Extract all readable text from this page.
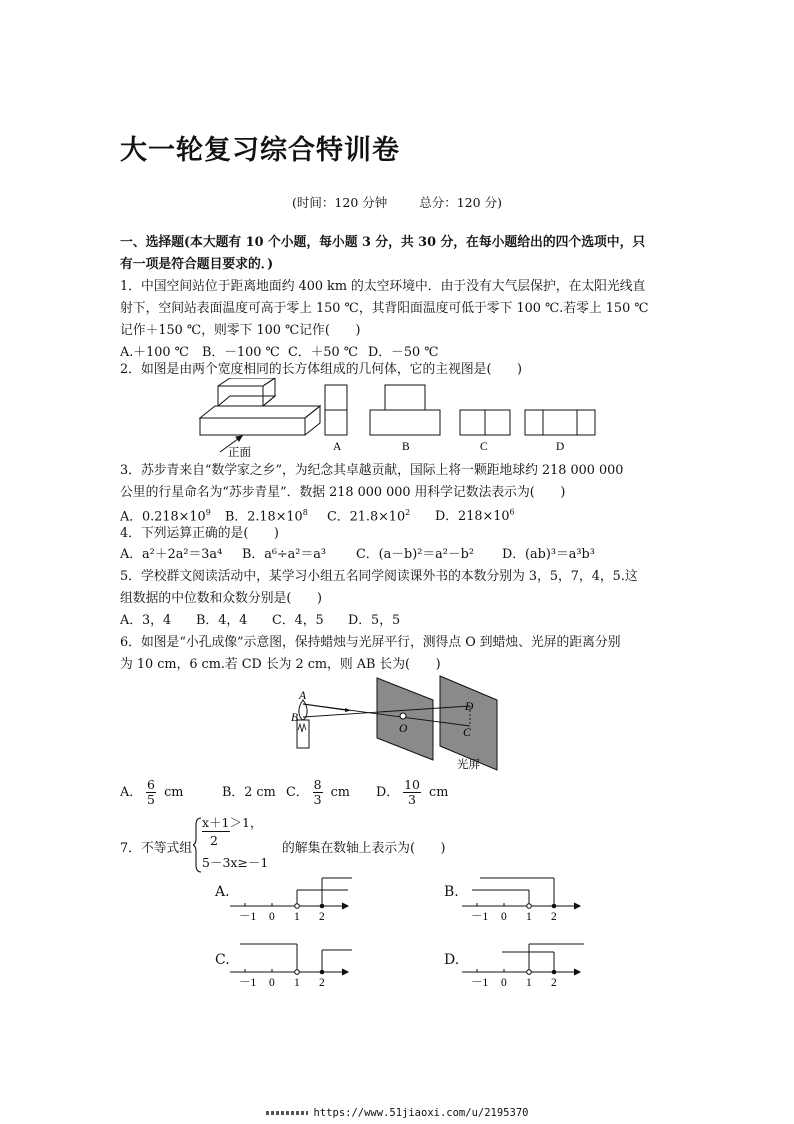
大一轮复习综合特训卷
(时间：120 分钟	总分：120 分)
一、选择题(本大题有 10 个小题，每小题 3 分，共 30 分，在每小题给出的四个选项中，只
有一项是符合题目要求的．)
1．中国空间站位于距离地面约 400 km 的太空环境中．由于没有大气层保护，在太阳光线直
射下，空间站表面温度可高于零上 150 ℃，其背阳面温度可低于零下 100 ℃.若零上 150 ℃
记作＋150 ℃，则零下 100 ℃记作(　　)
A.＋100 ℃ B．－100 ℃ C．＋50 ℃ D．－50 ℃
2．如图是由两个宽度相同的长方体组成的几何体，它的主视图是(　　)
正面	A	B	C	D
3．苏步青来自“数学家之乡”，为纪念其卓越贡献，国际上将一颗距地球约 218 000 000
公里的行星命名为“苏步青星”．数据 218 000 000 用科学记数法表示为(　　)
A．$0.218\times 10^9$ B．$2.18\times 10^8$ C．$21.8\times 10^2$ D．$218\times 10^6$
4．下列运算正确的是(　　)
A．a²＋2a²＝3a⁴ B．a⁶÷a²＝a³ C．(a－b)²＝a²－b² D．(ab)³＝a³b³
5．学校群文阅读活动中，某学习小组五名同学阅读课外书的本数分别为 3，5，7，4，5.这
组数据的中位数和众数分别是(　　)
A．3，4 B．4，4 C．4，5 D．5，5
6．如图是“小孔成像”示意图，保持蜡烛与光屏平行，测得点 O 到蜡烛、光屏的距离分别
为 10 cm，6 cm.若 CD 长为 2 cm，则 AB 长为(　　)
A
B
O
D
C
光屏
A． $\frac{6}{5}$ cm	B．2 cm C． $\frac{8}{3}$ cm D． $\frac{10}{3}$ cm
7．不等式组
x＋1＞1，
2
5－3x≥－1
的解集在数轴上表示为(　　)
A.	B.
C.	D.
－1 0 1 2	－1 0 1 2
－1 0 1 2	－1 0 1 2
https://www.51jiaoxi.com/u/2195370
